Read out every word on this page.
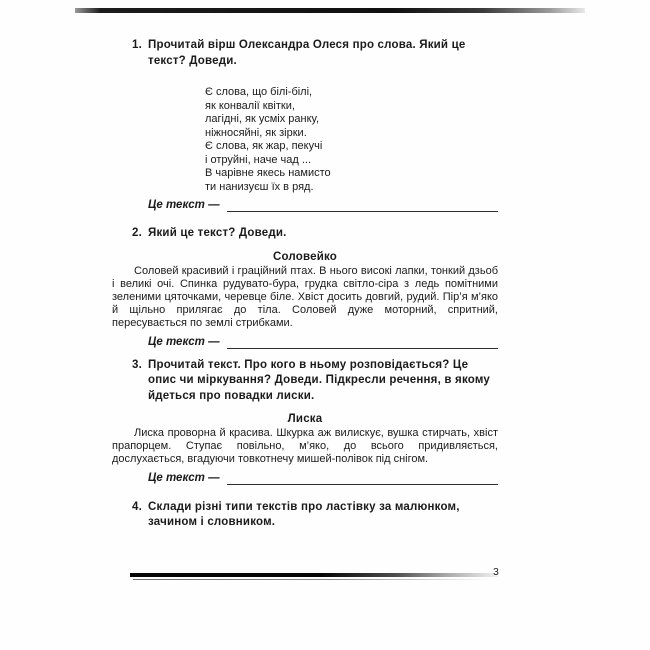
1. Прочитай вірш Олександра Олеся про слова. Який це
текст? Доведи.
Є слова, що білі-білі,
як конвалії квітки,
лагідні, як усміх ранку,
ніжносяйні, як зірки.
Є слова, як жар, пекучі
і отруйні, наче чад ...
В чарівне якесь намисто
ти нанизуєш їх в ряд.
Це текст —
2. Який це текст? Доведи.
Соловейко
Соловей красивий і граційний птах. В нього високі лапки, тонкий дзьоб і великі очі. Спинка рудувато-бура, грудка світло-сіра з ледь помітними зеленими цяточками, черевце біле. Хвіст досить довгий, рудий. Пір’я м’яко й щільно прилягає до тіла. Соловей дуже моторний, спритний, пересувається по землі стрибками.
Це текст —
3. Прочитай текст. Про кого в ньому розповідається? Це
опис чи міркування? Доведи. Підкресли речення, в якому
йдеться про повадки лиски.
Лиска
Лиска проворна й красива. Шкурка аж вилискує, вушка стирчать, хвіст прапорцем. Ступає повільно, м’яко, до всього придивляється, дослухається, вгадуючи товкотнечу мишей-полівок під снігом.
Це текст —
4. Склади різні типи текстів про ластівку за малюнком,
зачином і словником.
3
